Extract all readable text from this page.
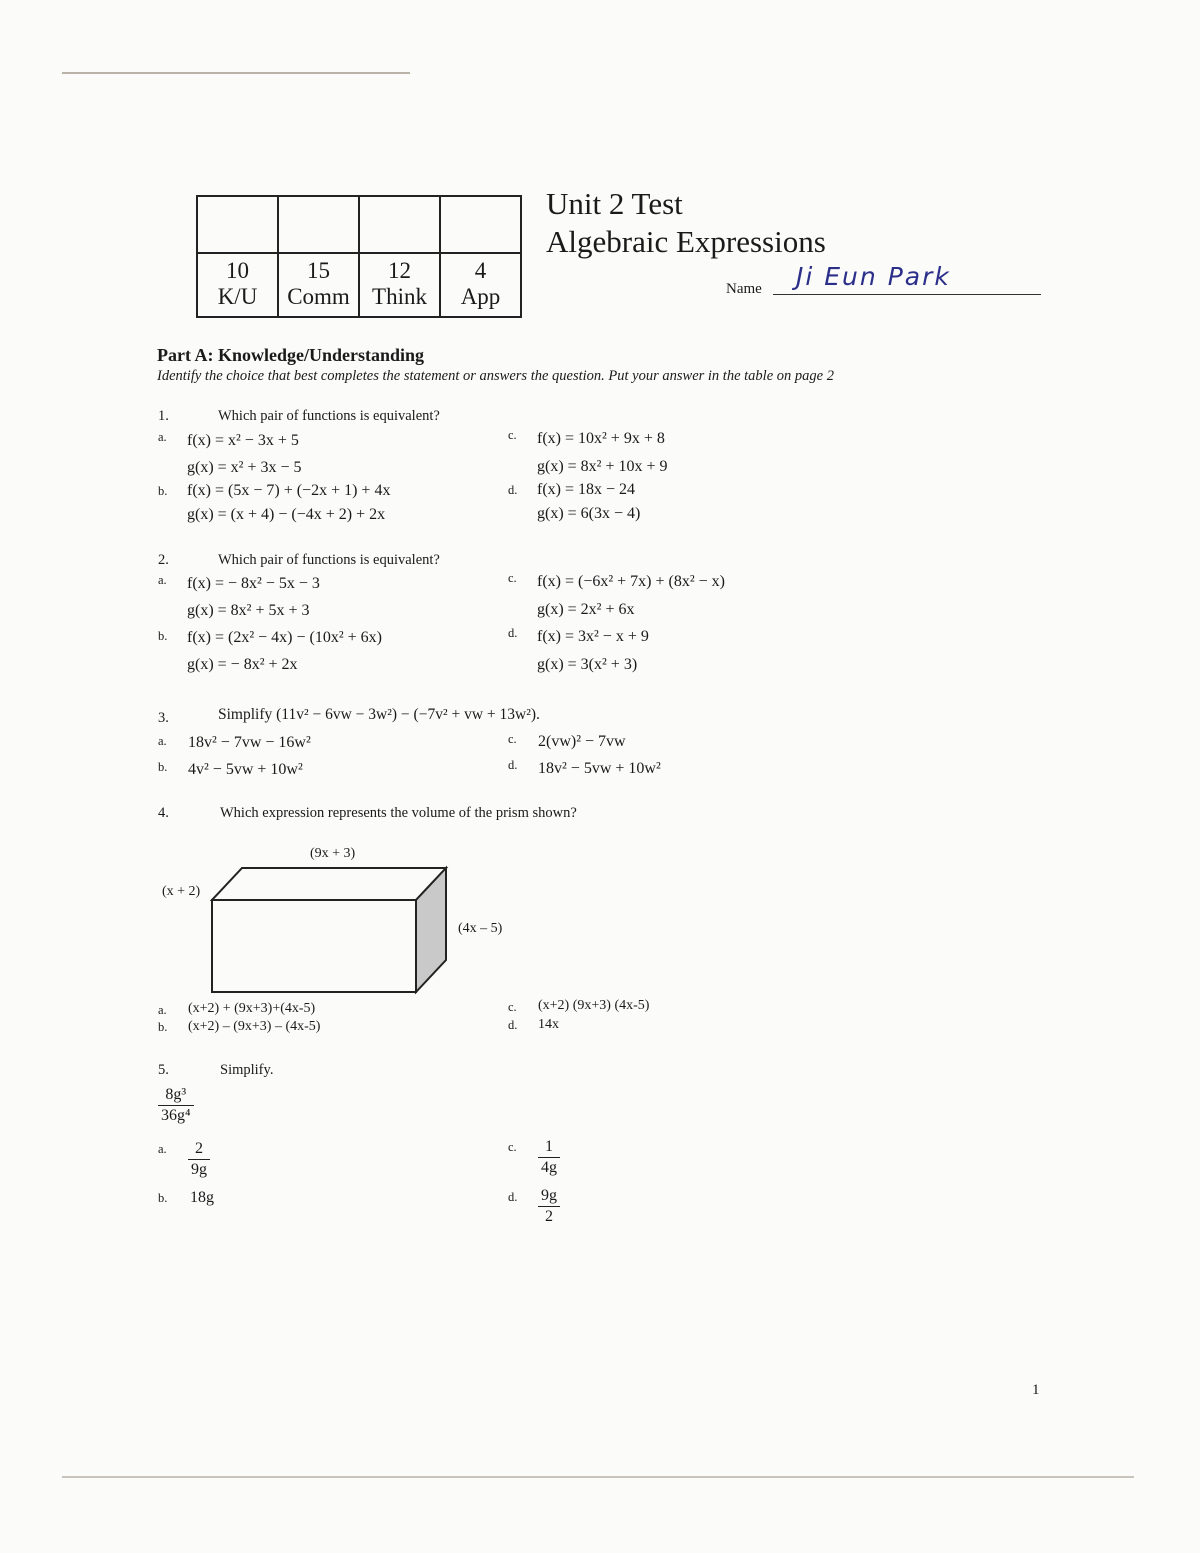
10	15	12	4
K/U	Comm	Think	App
Unit 2 Test
Algebraic Expressions
Name Ji Eun Park
Part A: Knowledge/Understanding
Identify the choice that best completes the statement or answers the question. Put your answer in the table on page 2
1.	Which pair of functions is equivalent?
a. f(x) = x² − 3x + 5
g(x) = x² + 3x − 5
b. f(x) = (5x − 7) + (−2x + 1) + 4x
g(x) = (x + 4) − (−4x + 2) + 2x
c. f(x) = 10x² + 9x + 8
g(x) = 8x² + 10x + 9
d. f(x) = 18x − 24
g(x) = 6(3x − 4)
2.	Which pair of functions is equivalent?
a. f(x) = − 8x² − 5x − 3
g(x) = 8x² + 5x + 3
b. f(x) = (2x² − 4x) − (10x² + 6x)
g(x) = − 8x² + 2x
c. f(x) = (−6x² + 7x) + (8x² − x)
g(x) = 2x² + 6x
d. f(x) = 3x² − x + 9
g(x) = 3(x² + 3)
3.	Simplify (11v² − 6vw − 3w²) − (−7v² + vw + 13w²).
a. 18v² − 7vw − 16w²
b. 4v² − 5vw + 10w²
c. 2(vw)² − 7vw
d. 18v² − 5vw + 10w²
4.	Which expression represents the volume of the prism shown?
(9x + 3)
(x + 2)
(4x – 5)
a. (x+2) + (9x+3)+(4x-5)
b. (x+2) – (9x+3) – (4x-5)
c. (x+2) (9x+3) (4x-5)
d. 14x
5.	Simplify.
8g³
36g⁴
a.	2
9g
b. 18g
c.	1
4g
d. 9g
2
1
